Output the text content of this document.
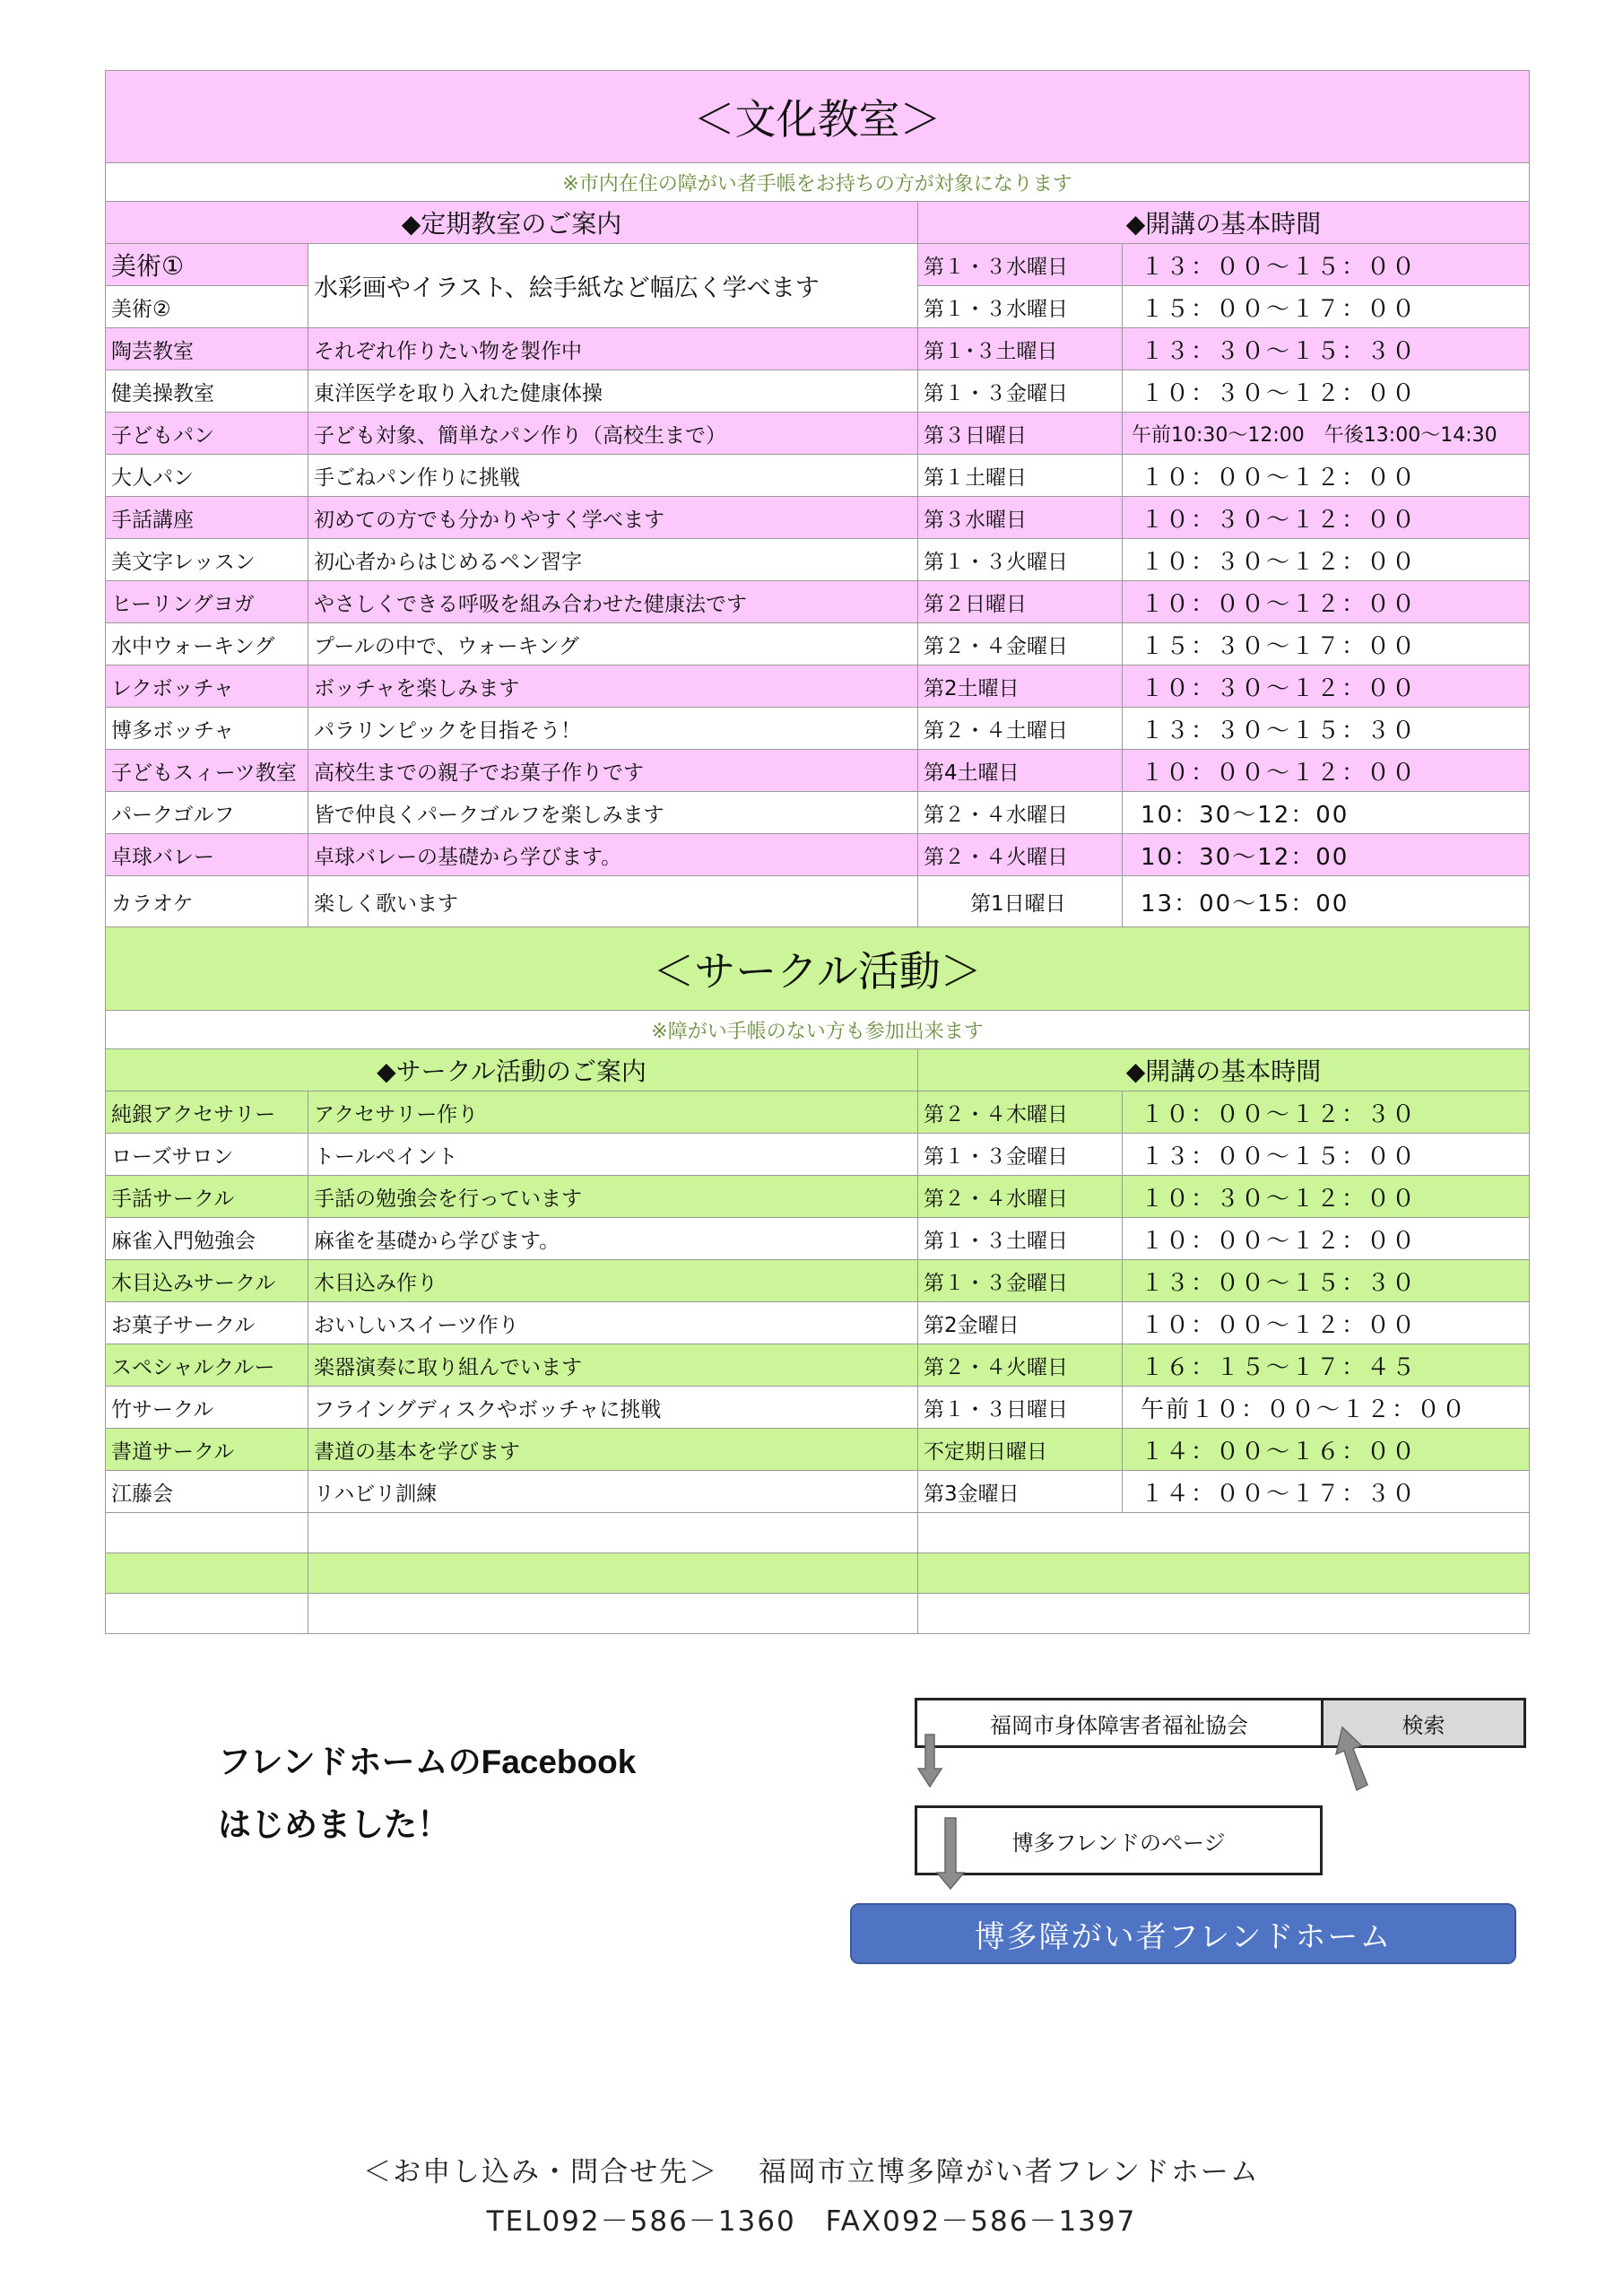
＜文化教室＞			
※市内在住の障がい者手帳をお持ちの方が対象になります			
◆定期教室のご案内		◆開講の基本時間	
美術①	水彩画やイラスト、絵手紙など幅広く学べます	第１・３水曜日	１３：００～１５：００
美術②		第１・３水曜日	１５：００～１７：００
陶芸教室	それぞれ作りたい物を製作中	第１･３土曜日	１３：３０～１５：３０
健美操教室	東洋医学を取り入れた健康体操	第１・３金曜日	１０：３０～１２：００
子どもパン	子ども対象、簡単なパン作り（高校生まで）	第３日曜日	午前10:30～12:00　午後13:00～14:30
大人パン	手ごねパン作りに挑戦	第１土曜日	１０：００～１２：００
手話講座	初めての方でも分かりやすく学べます	第３水曜日	１０：３０～１２：００
美文字レッスン	初心者からはじめるペン習字	第１・３火曜日	１０：３０～１２：００
ヒーリングヨガ	やさしくできる呼吸を組み合わせた健康法です	第２日曜日	１０：００～１２：００
水中ウォーキング	プールの中で、ウォーキング	第２・４金曜日	１５：３０～１７：００
レクボッチャ	ボッチャを楽しみます	第2土曜日	１０：３０～１２：００
博多ボッチャ	パラリンピックを目指そう！	第２・４土曜日	１３：３０～１５：３０
子どもスィーツ教室	高校生までの親子でお菓子作りです	第4土曜日	１０：００～１２：００
パークゴルフ	皆で仲良くパークゴルフを楽しみます	第２・４水曜日	10：30～12：00
卓球バレー	卓球バレーの基礎から学びます。	第２・４火曜日	10：30～12：00
カラオケ	楽しく歌います	第1日曜日	13：00～15：00
＜サークル活動＞			
※障がい手帳のない方も参加出来ます			
◆サークル活動のご案内		◆開講の基本時間	
純銀アクセサリー	アクセサリー作り	第２・４木曜日	１０：００～１２：３０
ローズサロン	トールペイント	第１・３金曜日	１３：００～１５：００
手話サークル	手話の勉強会を行っています	第２・４水曜日	１０：３０～１２：００
麻雀入門勉強会	麻雀を基礎から学びます。	第１・３土曜日	１０：００～１２：００
木目込みサークル	木目込み作り	第１・３金曜日	１３：００～１５：３０
お菓子サークル	おいしいスイーツ作り	第2金曜日	１０：００～１２：００
スペシャルクルー	楽器演奏に取り組んでいます	第２・４火曜日	１６：１５～１７：４５
竹サークル	フライングディスクやボッチャに挑戦	第１・３日曜日	午前１０：００～１２：００
書道サークル	書道の基本を学びます	不定期日曜日	１４：００～１６：００
江藤会	リハビリ訓練	第3金曜日	１４：００～１７：３０

フレンドホームのFacebook
はじめました！
福岡市身体障害者福祉協会	検索
博多フレンドのページ
博多障がい者フレンドホーム
＜お申し込み・問合せ先＞　 福岡市立博多障がい者フレンドホーム
TEL092－586－1360　FAX092－586－1397
